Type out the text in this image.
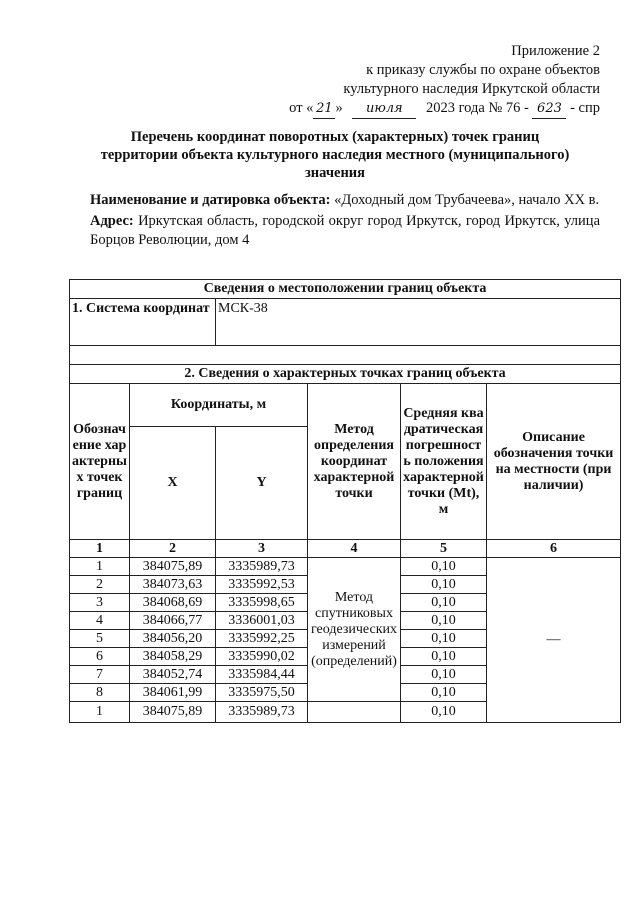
Приложение 2
к приказу службы по охране объектов
культурного наследия Иркутской области
от « 21 » июля 2023 года № 76 - 623 - спр
Перечень координат поворотных (характерных) точек границ
территории объекта культурного наследия местного (муниципального)
значения

Наименование и датировка объекта: «Доходный дом Трубачеева», начало XX в.

Адрес: Иркутская область, городской округ город Иркутск, город Иркутск, улица Борцов Революции, дом 4

Сведения о местоположении границ объекта					
1. Система координат		МСК-38			

2. Сведения о характерных точках границ объекта					
Обозначение характерных точек границ	Координаты, м		Метод определения координат характерной точки	Средняя квадратическая погрешность положения характерной точки (Mt), м	Описание обозначения точки на местности (при наличии)
	X	Y			
1	2	3	4	5	6
1	384075,89	3335989,73	Метод спутниковых геодезических измерений (определений)	0,10	—
2	384073,63	3335992,53		0,10	
3	384068,69	3335998,65		0,10	
4	384066,77	3336001,03		0,10	
5	384056,20	3335992,25		0,10	
6	384058,29	3335990,02		0,10	
7	384052,74	3335984,44		0,10	
8	384061,99	3335975,50		0,10	
1	384075,89	3335989,73		0,10	
